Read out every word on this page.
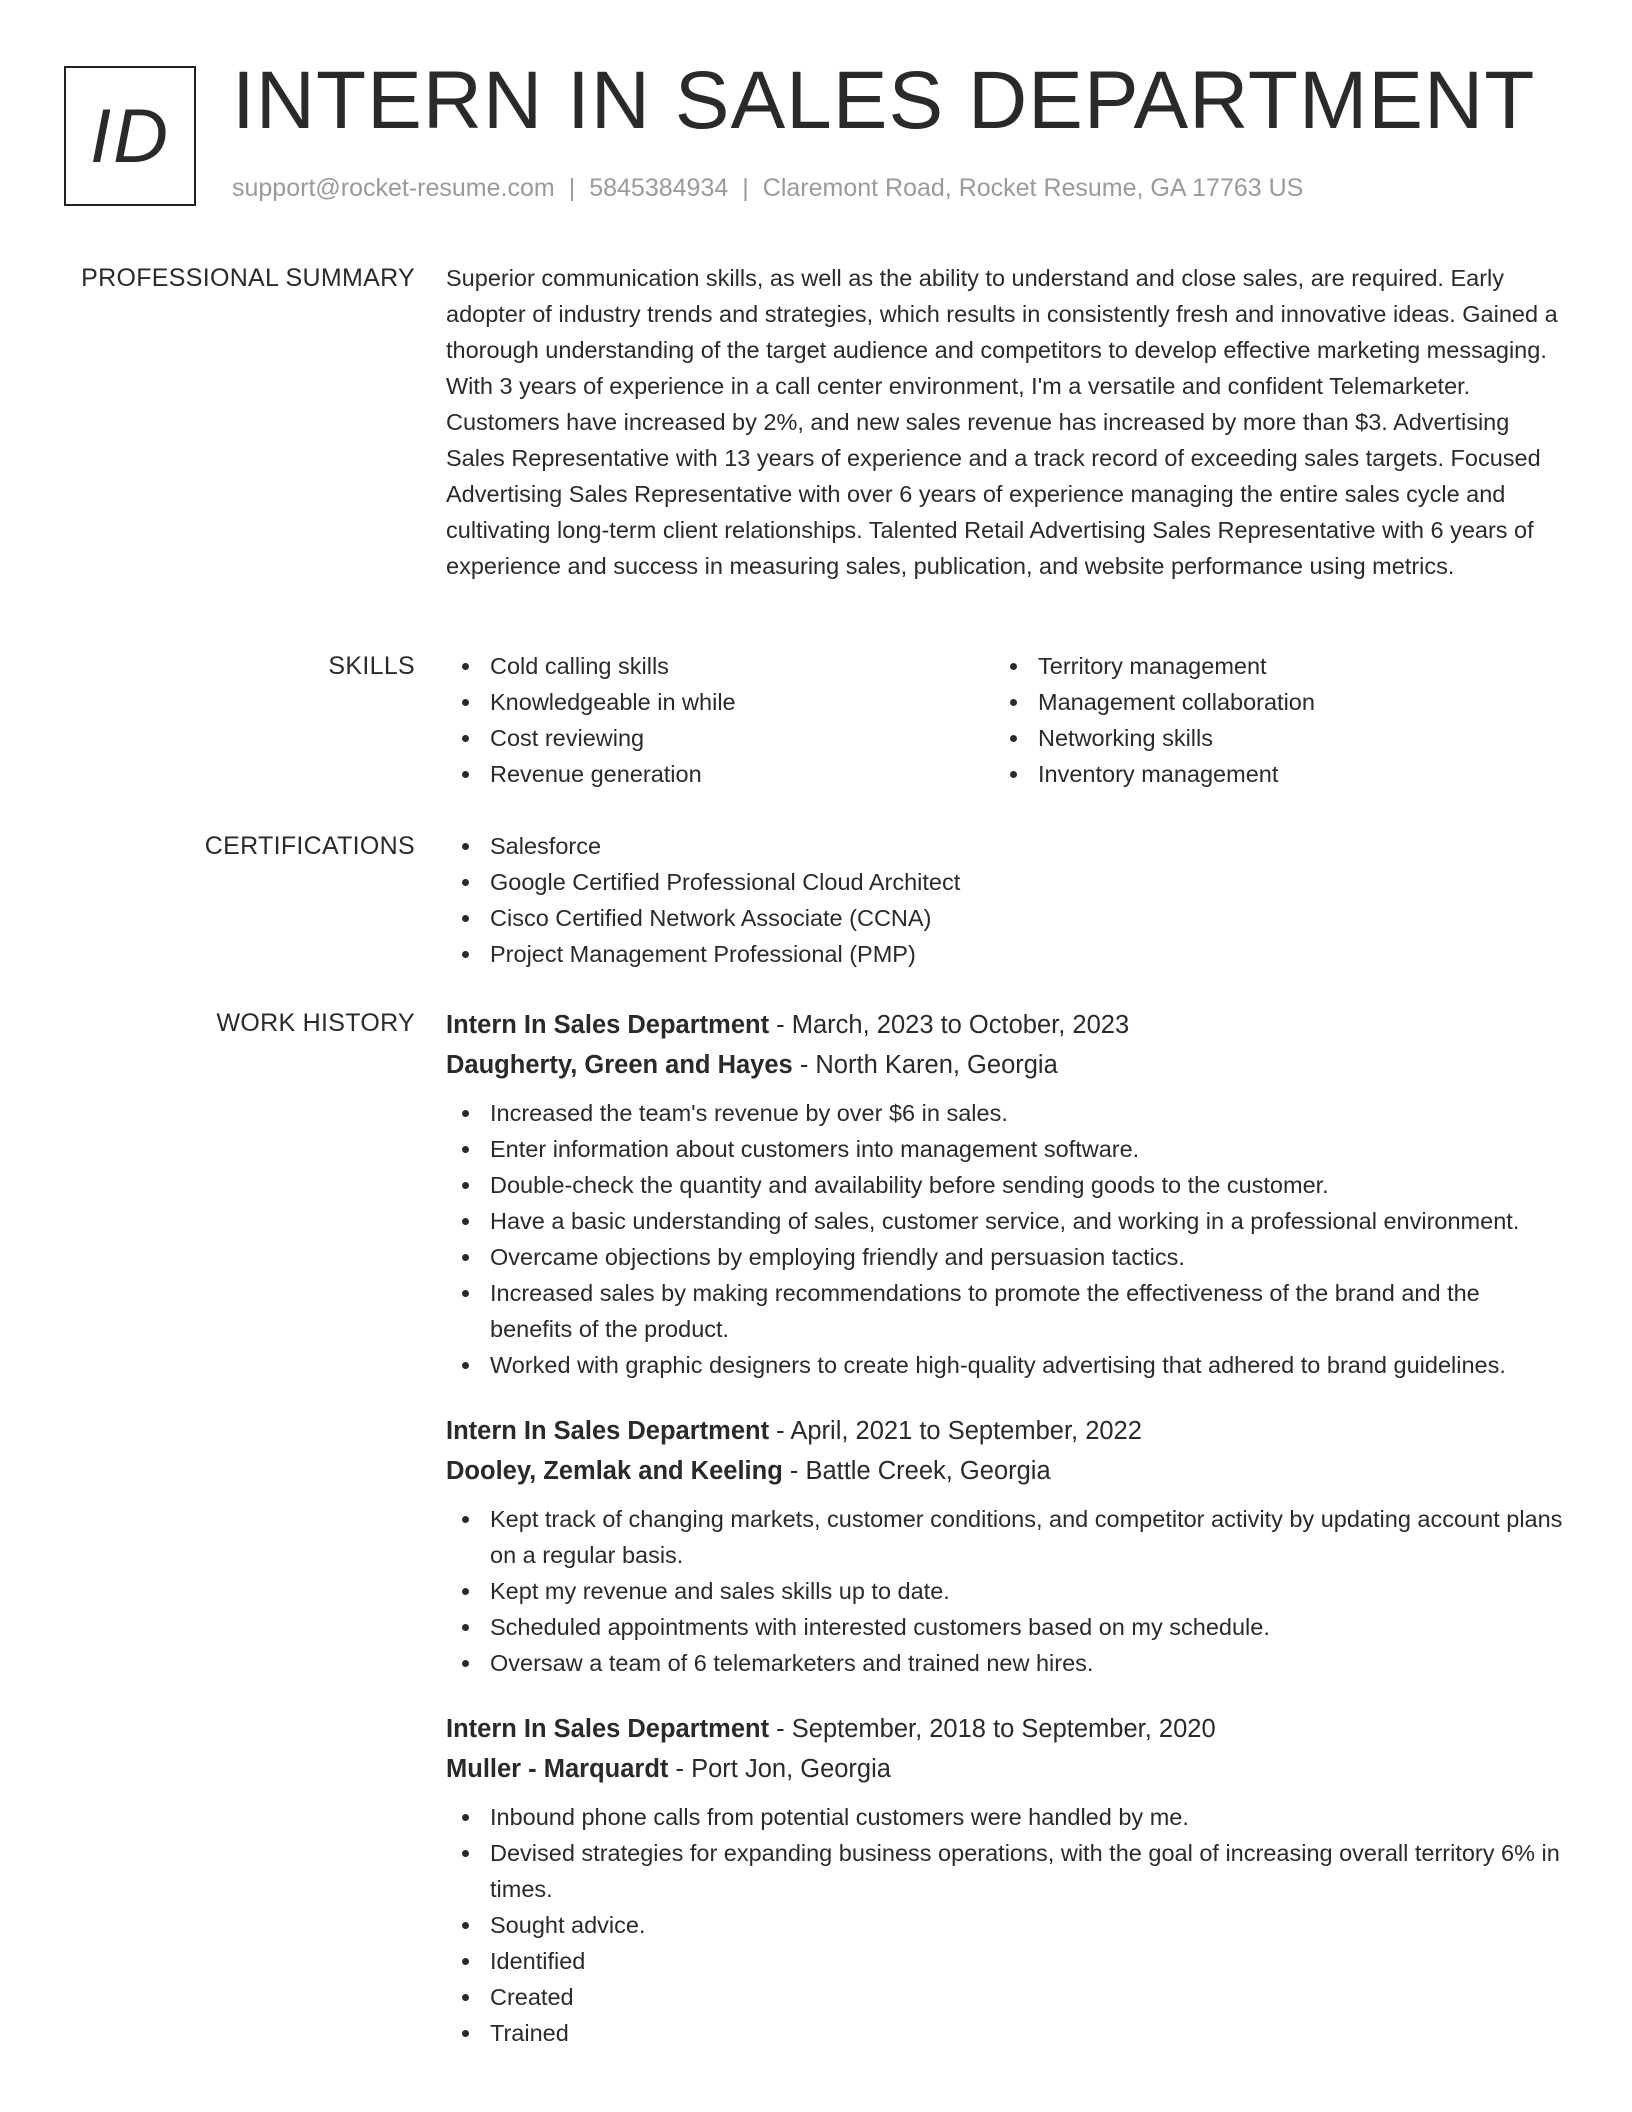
ID INTERN IN SALES DEPARTMENT
support@rocket-resume.com | 5845384934 | Claremont Road, Rocket Resume, GA 17763 US
PROFESSIONAL SUMMARY Superior communication skills, as well as the ability to understand and close sales, are required. Early adopter of industry trends and strategies, which results in consistently fresh and innovative ideas. Gained a thorough understanding of the target audience and competitors to develop effective marketing messaging. With 3 years of experience in a call center environment, I'm a versatile and confident Telemarketer. Customers have increased by 2%, and new sales revenue has increased by more than $3. Advertising Sales Representative with 13 years of experience and a track record of exceeding sales targets. Focused Advertising Sales Representative with over 6 years of experience managing the entire sales cycle and cultivating long-term client relationships. Talented Retail Advertising Sales Representative with 6 years of experience and success in measuring sales, publication, and website performance using metrics.

SKILLS	Cold calling skills	Territory management
Knowledgeable in while	Management collaboration
Cost reviewing	Networking skills
Revenue generation	Inventory management
CERTIFICATIONS	Salesforce
Google Certified Professional Cloud Architect
Cisco Certified Network Associate (CCNA)
Project Management Professional (PMP)
WORK HISTORY Intern In Sales Department - March, 2023 to October, 2023
Daugherty, Green and Hayes - North Karen, Georgia
Increased the team's revenue by over $6 in sales.
Enter information about customers into management software.
Double-check the quantity and availability before sending goods to the customer.
Have a basic understanding of sales, customer service, and working in a professional environment.
Overcame objections by employing friendly and persuasion tactics.
Increased sales by making recommendations to promote the effectiveness of the brand and the benefits of the product.
Worked with graphic designers to create high-quality advertising that adhered to brand guidelines.
Intern In Sales Department - April, 2021 to September, 2022
Dooley, Zemlak and Keeling - Battle Creek, Georgia
Kept track of changing markets, customer conditions, and competitor activity by updating account plans on a regular basis.
Kept my revenue and sales skills up to date.
Scheduled appointments with interested customers based on my schedule.
Oversaw a team of 6 telemarketers and trained new hires.
Intern In Sales Department - September, 2018 to September, 2020
Muller - Marquardt - Port Jon, Georgia
Inbound phone calls from potential customers were handled by me.
Devised strategies for expanding business operations, with the goal of increasing overall territory 6% in times.
Sought advice.
Identified
Created
Trained
